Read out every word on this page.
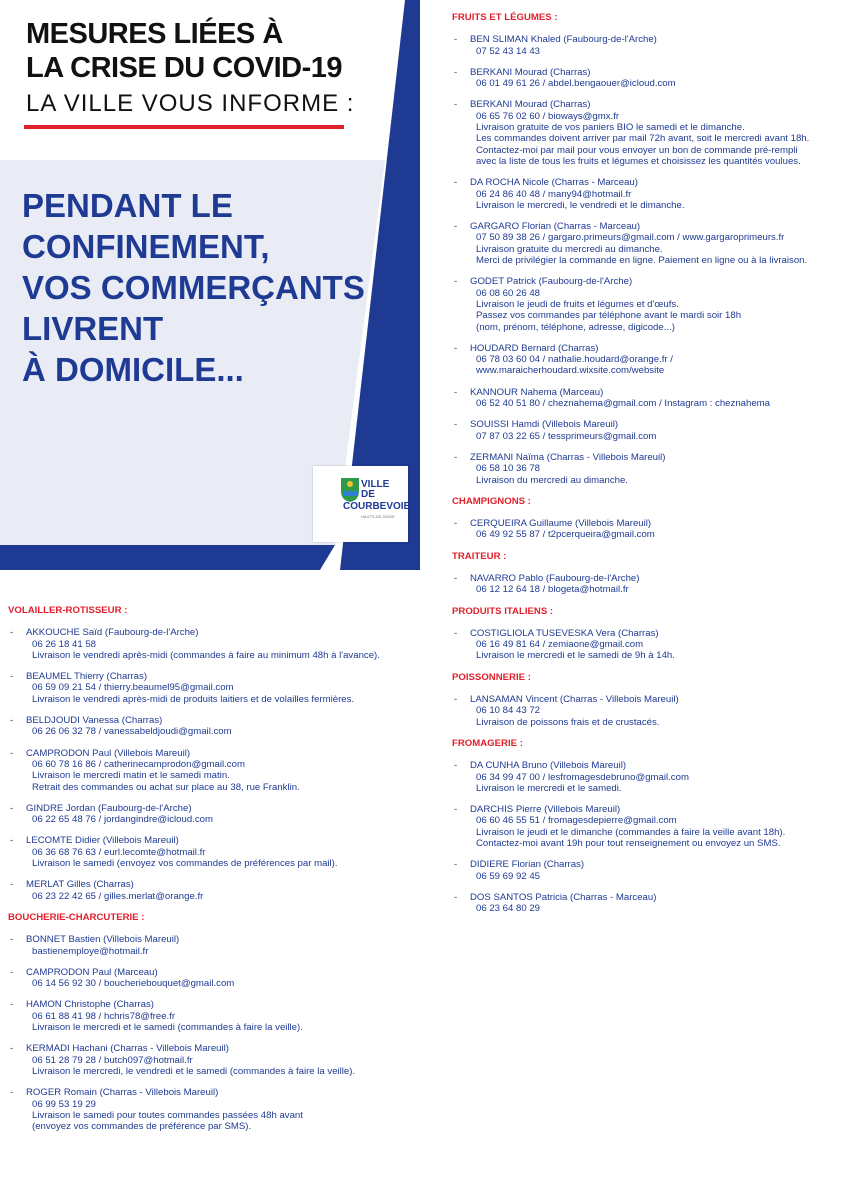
MESURES LIÉES À
LA CRISE DU COVID-19
LA VILLE VOUS INFORME :
PENDANT LE
CONFINEMENT,
VOS COMMERÇANTS
LIVRENT
À DOMICILE...
VILLE
DE
COURBEVOIE
HAUTS-DE-SEINE
FRUITS ET LÉGUMES :
- BEN SLIMAN Khaled (Faubourg-de-l'Arche)
07 52 43 14 43
- BERKANI Mourad (Charras)
06 01 49 61 26 / abdel.bengaouer@icloud.com
- BERKANI Mourad (Charras)
06 65 76 02 60 / bioways@gmx.fr
Livraison gratuite de vos paniers BIO le samedi et le dimanche.
Les commandes doivent arriver par mail 72h avant, soit le mercredi avant 18h.
Contactez-moi par mail pour vous envoyer un bon de commande pré-rempli
avec la liste de tous les fruits et légumes et choisissez les quantités voulues.
- DA ROCHA Nicole (Charras - Marceau)
06 24 86 40 48 / many94@hotmail.fr
Livraison le mercredi, le vendredi et le dimanche.
- GARGARO Florian (Charras - Marceau)
07 50 89 38 26 / gargaro.primeurs@gmail.com / www.gargaroprimeurs.fr
Livraison gratuite du mercredi au dimanche.
Merci de privilégier la commande en ligne. Paiement en ligne ou à la livraison.
- GODET Patrick (Faubourg-de-l'Arche)
06 08 60 26 48
Livraison le jeudi de fruits et légumes et d'œufs.
Passez vos commandes par téléphone avant le mardi soir 18h
(nom, prénom, téléphone, adresse, digicode...)
- HOUDARD Bernard (Charras)
06 78 03 60 04 / nathalie.houdard@orange.fr /
www.maraicherhoudard.wixsite.com/website
- KANNOUR Nahema (Marceau)
06 52 40 51 80 / cheznahema@gmail.com / Instagram : cheznahema
- SOUISSI Hamdi (Villebois Mareuil)
07 87 03 22 65 / tessprimeurs@gmail.com
- ZERMANI Naïma (Charras - Villebois Mareuil)
06 58 10 36 78
Livraison du mercredi au dimanche.
CHAMPIGNONS :
- CERQUEIRA Guillaume (Villebois Mareuil)
06 49 92 55 87 / t2pcerqueira@gmail.com
TRAITEUR :
- NAVARRO Pablo (Faubourg-de-l'Arche)
06 12 12 64 18 / blogeta@hotmail.fr
PRODUITS ITALIENS :
- COSTIGLIOLA TUSEVESKA Vera (Charras)
06 16 49 81 64 / zemiaone@gmail.com
Livraison le mercredi et le samedi de 9h à 14h.
POISSONNERIE :
- LANSAMAN Vincent (Charras - Villebois Mareuil)
06 10 84 43 72
Livraison de poissons frais et de crustacés.
FROMAGERIE :
- DA CUNHA Bruno (Villebois Mareuil)
06 34 99 47 00 / lesfromagesdebruno@gmail.com
Livraison le mercredi et le samedi.
- DARCHIS Pierre (Villebois Mareuil)
06 60 46 55 51 / fromagesdepierre@gmail.com
Livraison le jeudi et le dimanche (commandes à faire la veille avant 18h).
Contactez-moi avant 19h pour tout renseignement ou envoyez un SMS.
- DIDIERE Florian (Charras)
06 59 69 92 45
- DOS SANTOS Patricia (Charras - Marceau)
06 23 64 80 29
VOLAILLER-ROTISSEUR :
- AKKOUCHE Saïd (Faubourg-de-l'Arche)
06 26 18 41 58
Livraison le vendredi après-midi (commandes à faire au minimum 48h à l'avance).
- BEAUMEL Thierry (Charras)
06 59 09 21 54 / thierry.beaumel95@gmail.com
Livraison le vendredi après-midi de produits laitiers et de volailles fermières.
- BELDJOUDI Vanessa (Charras)
06 26 06 32 78 / vanessabeldjoudi@gmail.com
- CAMPRODON Paul (Villebois Mareuil)
06 60 78 16 86 / catherinecamprodon@gmail.com
Livraison le mercredi matin et le samedi matin.
Retrait des commandes ou achat sur place au 38, rue Franklin.
- GINDRE Jordan (Faubourg-de-l'Arche)
06 22 65 48 76 / jordangindre@icloud.com
- LECOMTE Didier (Villebois Mareuil)
06 36 68 76 63 / eurl.lecomte@hotmail.fr
Livraison le samedi (envoyez vos commandes de préférences par mail).
- MERLAT Gilles (Charras)
06 23 22 42 65 / gilles.merlat@orange.fr
BOUCHERIE-CHARCUTERIE :
- BONNET Bastien (Villebois Mareuil)
bastienemploye@hotmail.fr
- CAMPRODON Paul (Marceau)
06 14 56 92 30 / boucheriebouquet@gmail.com
- HAMON Christophe (Charras)
06 61 88 41 98 / hchris78@free.fr
Livraison le mercredi et le samedi (commandes à faire la veille).
- KERMADI Hachani (Charras - Villebois Mareuil)
06 51 28 79 28 / butch097@hotmail.fr
Livraison le mercredi, le vendredi et le samedi (commandes à faire la veille).
- ROGER Romain (Charras - Villebois Mareuil)
06 99 53 19 29
Livraison le samedi pour toutes commandes passées 48h avant
(envoyez vos commandes de préférence par SMS).
